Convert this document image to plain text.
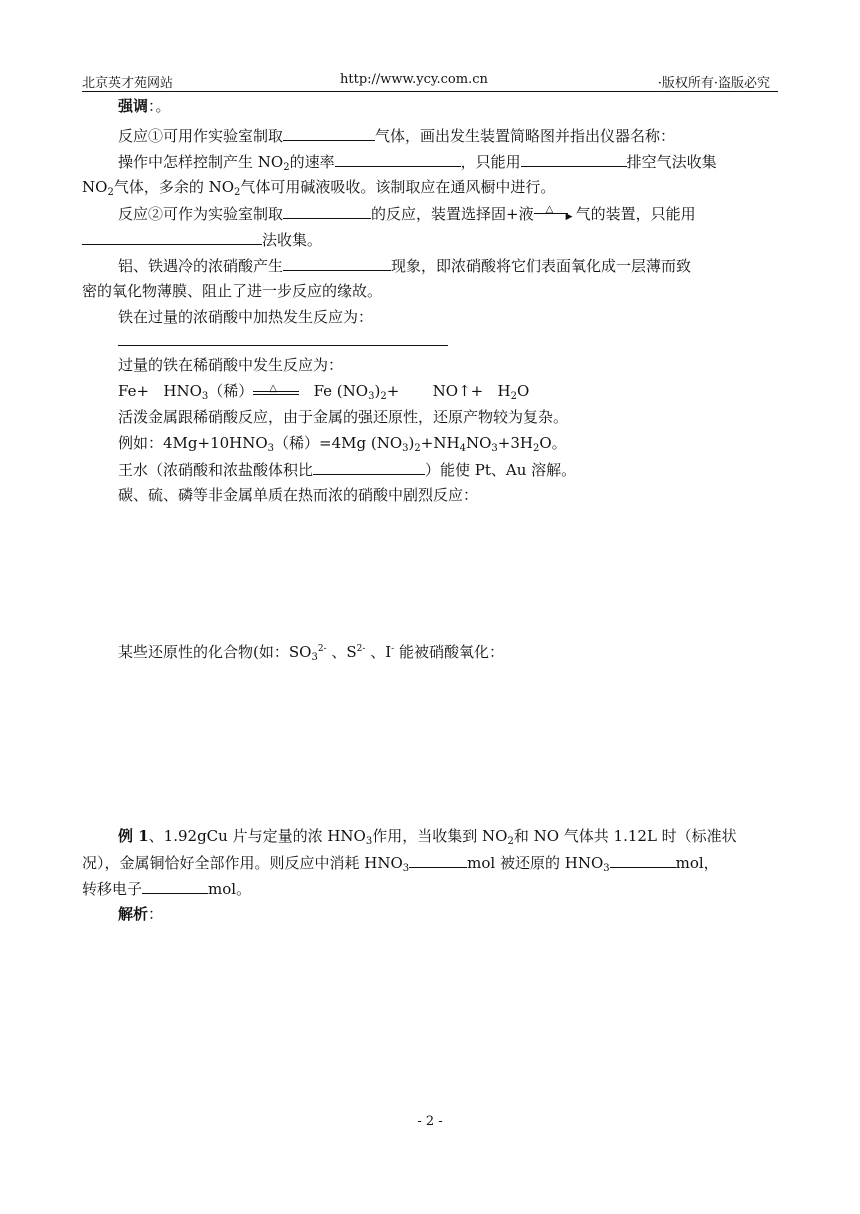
北京英才苑网站	http://www.ycy.com.cn	·版权所有·盗版必究
强调：。
反应①可用作实验室制取	气体，画出发生装置简略图并指出仪器名称：
操作中怎样控制产生 $NO_2$的速率	，只能用	排空气法收集
$NO_2$气体，多余的 $NO_2$气体可用碱液吸收。该制取应在通风橱中进行。
反应②可作为实验室制取	的反应，装置选择固+液 △
▶ 气的装置，只能用
法收集。
铝、铁遇冷的浓硝酸产生	现象，即浓硝酸将它们表面氧化成一层薄而致
密的氧化物薄膜、阻止了进一步反应的缘故。
铁在过量的浓硝酸中加热发生反应为：
过量的铁在稀硝酸中发生反应为：
$Fe+ HNO_3$（稀） △ Fe $(NO_3)_2+$ NO↑+ $H_2O$
活泼金属跟稀硝酸反应，由于金属的强还原性，还原产物较为复杂。
例如：$4Mg+10HNO_3$（稀）=4Mg $(NO_3)_2+NH_4NO_3+3H_2O$。
王水（浓硝酸和浓盐酸体积比	）能使 Pt、Au 溶解。
碳、硫、磷等非金属单质在热而浓的硝酸中剧烈反应：
某些还原性的化合物(如：$SO_3^{2-}$ 、$S^{2-}$ 、I- 能被硝酸氧化：
例 1、1.92gCu 片与定量的浓 $HNO_3$作用，当收集到 $NO_2$和 NO 气体共 1.12L 时（标准状
况），金属铜恰好全部作用。则反应中消耗 $HNO_3$	mol 被还原的 $HNO_3$	mol，
转移电子	mol。
解析：
- 2 -
